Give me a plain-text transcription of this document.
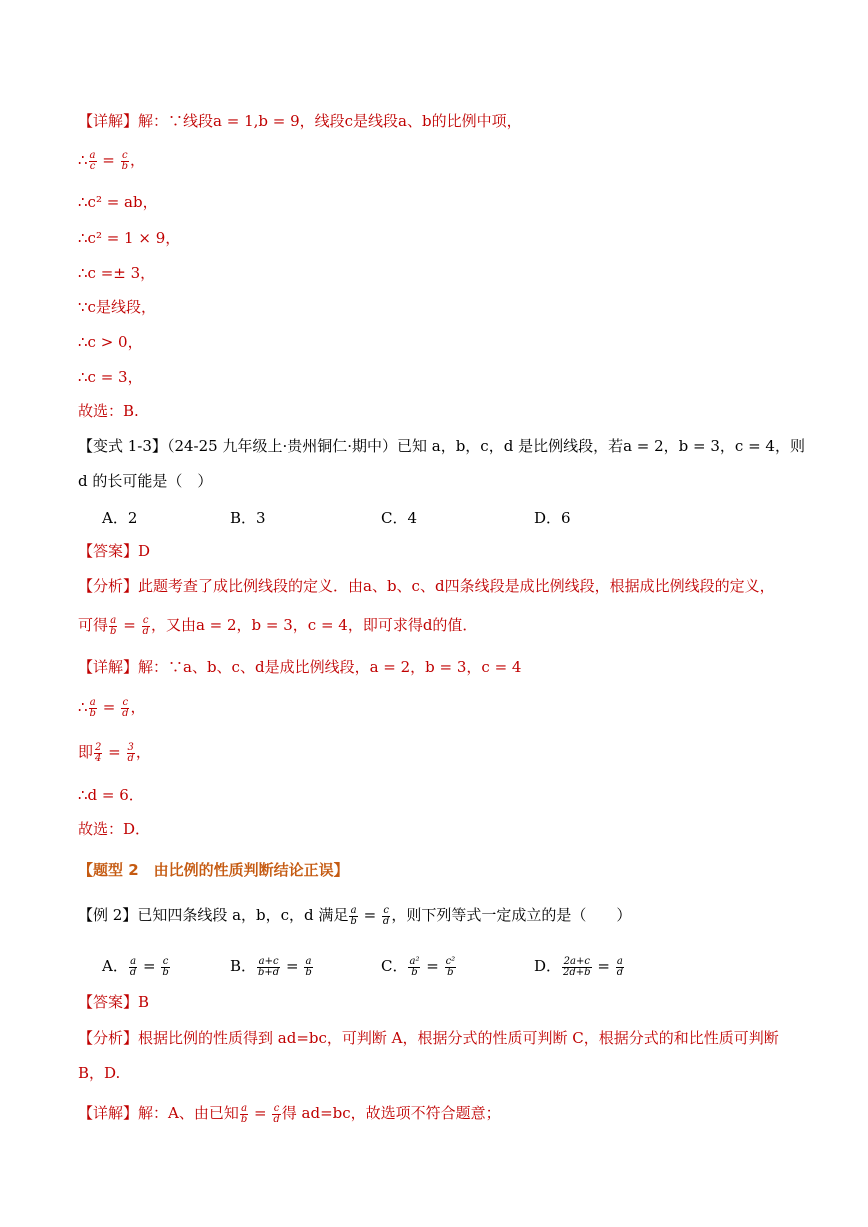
【详解】解：∵线段a = 1,b = 9，线段c是线段a、b的比例中项，
∴ $\frac{a}{c} = \frac{c}{b}$ ，
∴c² = ab，
∴c² = 1 × 9，
∴c =± 3，
∵c是线段，
∴c > 0，
∴c = 3，
故选：B.
【变式 1-3】（24-25 九年级上·贵州铜仁·期中）已知 a，b，c，d 是比例线段，若a = 2，b = 3，c = 4，则
d 的长可能是（　）
A．2	B．3	C．4	D．6
【答案】D
【分析】此题考查了成比例线段的定义．由a、b、c、d四条线段是成比例线段，根据成比例线段的定义，
可得 $\frac{a}{b} = \frac{c}{d}$ ，又由a = 2，b = 3，c = 4，即可求得d的值．
【详解】解：∵a、b、c、d是成比例线段，a = 2，b = 3，c = 4
∴ $\frac{a}{b} = \frac{c}{d}$ ，
即 $\frac{2}{4} = \frac{3}{d}$ ，
∴d = 6．
故选：D．
【题型 2　由比例的性质判断结论正误】
【例 2】已知四条线段 a，b，c，d 满足 $\frac{a}{b} = \frac{c}{d}$ ，则下列等式一定成立的是（　　）
A． $\frac{a}{d} = \frac{c}{b}$	B． $\frac{a+c}{b+d} = \frac{a}{b}$	C． $\frac{\text{a²}}{b} = \frac{\text{c²}}{b}$	D． $\frac{2a+c}{2d+b} = \frac{a}{d}$
【答案】B
【分析】根据比例的性质得到 ad=bc，可判断 A，根据分式的性质可判断 C，根据分式的和比性质可判断
B，D.
【详解】解：A、由已知 $\frac{a}{b} = \frac{c}{d}$ 得 ad=bc，故选项不符合题意；
